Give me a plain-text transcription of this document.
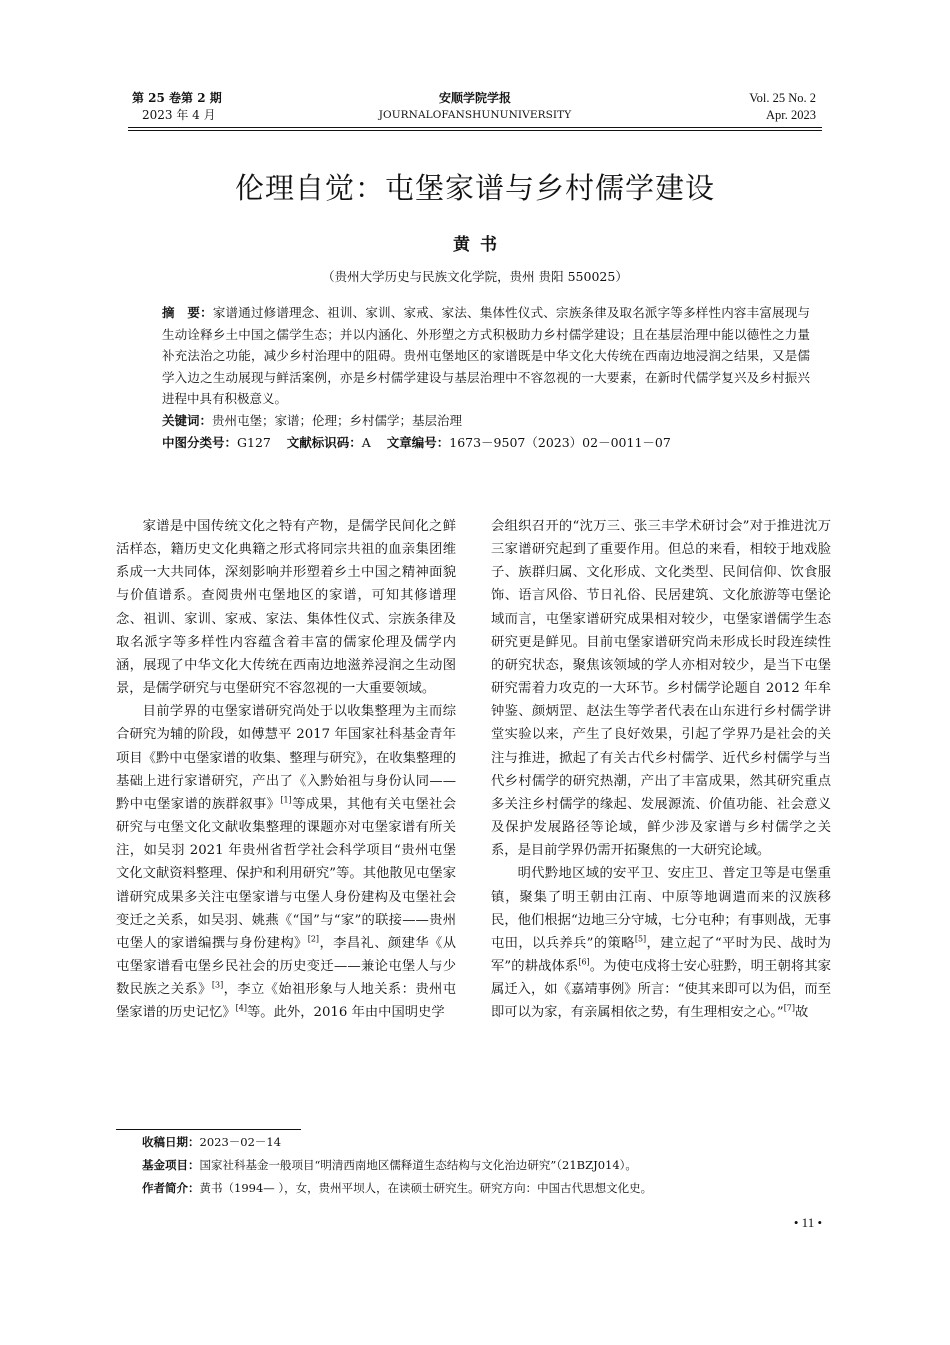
第 25 卷第 2 期
2023 年 4 月
安顺学院学报
JOURNALOFANSHUNUNIVERSITY
Vol. 25 No. 2
Apr. 2023
伦理自觉：屯堡家谱与乡村儒学建设
黄书
（贵州大学历史与民族文化学院，贵州 贵阳 550025）
摘　要：家谱通过修谱理念、祖训、家训、家戒、家法、集体性仪式、宗族条律及取名派字等多样性内容丰富展现与生动诠释乡土中国之儒学生态；并以内涵化、外形塑之方式积极助力乡村儒学建设；且在基层治理中能以德性之力量补充法治之功能，减少乡村治理中的阻碍。贵州屯堡地区的家谱既是中华文化大传统在西南边地浸润之结果，又是儒学入边之生动展现与鲜活案例，亦是乡村儒学建设与基层治理中不容忽视的一大要素，在新时代儒学复兴及乡村振兴进程中具有积极意义。
关键词：贵州屯堡；家谱；伦理；乡村儒学；基层治理
中图分类号：G127 文献标识码：A 文章编号：1673－9507（2023）02－0011－07

家谱是中国传统文化之特有产物，是儒学民间化之鲜活样态，籍历史文化典籍之形式将同宗共祖的血亲集团维系成一大共同体，深刻影响并形塑着乡土中国之精神面貌与价值谱系。查阅贵州屯堡地区的家谱，可知其修谱理念、祖训、家训、家戒、家法、集体性仪式、宗族条律及取名派字等多样性内容蕴含着丰富的儒家伦理及儒学内涵，展现了中华文化大传统在西南边地滋养浸润之生动图景，是儒学研究与屯堡研究不容忽视的一大重要领域。

目前学界的屯堡家谱研究尚处于以收集整理为主而综合研究为辅的阶段，如傅慧平 2017 年国家社科基金青年项目《黔中屯堡家谱的收集、整理与研究》，在收集整理的基础上进行家谱研究，产出了《入黔始祖与身份认同——黔中屯堡家谱的族群叙事》[1]等成果，其他有关屯堡社会研究与屯堡文化文献收集整理的课题亦对屯堡家谱有所关注，如吴羽 2021 年贵州省哲学社会科学项目“贵州屯堡文化文献资料整理、保护和利用研究”等。其他散见屯堡家谱研究成果多关注屯堡家谱与屯堡人身份建构及屯堡社会变迁之关系，如吴羽、姚燕《“国”与“家”的联接——贵州屯堡人的家谱编撰与身份建构》[2]，李昌礼、颜建华《从屯堡家谱看屯堡乡民社会的历史变迁——兼论屯堡人与少数民族之关系》[3]，李立《始祖形象与人地关系：贵州屯堡家谱的历史记忆》[4]等。此外，2016 年由中国明史学

会组织召开的“沈万三、张三丰学术研讨会”对于推进沈万三家谱研究起到了重要作用。但总的来看，相较于地戏脸子、族群归属、文化形成、文化类型、民间信仰、饮食服饰、语言风俗、节日礼俗、民居建筑、文化旅游等屯堡论域而言，屯堡家谱研究成果相对较少，屯堡家谱儒学生态研究更是鲜见。目前屯堡家谱研究尚未形成长时段连续性的研究状态，聚焦该领域的学人亦相对较少，是当下屯堡研究需着力攻克的一大环节。乡村儒学论题自 2012 年牟钟鉴、颜炳罡、赵法生等学者代表在山东进行乡村儒学讲堂实验以来，产生了良好效果，引起了学界乃是社会的关注与推进，掀起了有关古代乡村儒学、近代乡村儒学与当代乡村儒学的研究热潮，产出了丰富成果，然其研究重点多关注乡村儒学的缘起、发展源流、价值功能、社会意义及保护发展路径等论域，鲜少涉及家谱与乡村儒学之关系，是目前学界仍需开拓聚焦的一大研究论域。

明代黔地区域的安平卫、安庄卫、普定卫等是屯堡重镇，聚集了明王朝由江南、中原等地调遣而来的汉族移民，他们根据“边地三分守城，七分屯种；有事则战，无事屯田，以兵养兵”的策略[5]，建立起了“平时为民、战时为军”的耕战体系[6]。为使屯戍将士安心驻黔，明王朝将其家属迁入，如《嘉靖事例》所言：“使其来即可以为侣，而至即可以为家，有亲属相依之势，有生理相安之心。”[7]故

收稿日期：2023－02－14
基金项目：国家社科基金一般项目“明清西南地区儒释道生态结构与文化治边研究”（21BZJ014）。
作者简介：黄书（1994— ），女，贵州平坝人，在读硕士研究生。研究方向：中国古代思想文化史。
• 11 •
